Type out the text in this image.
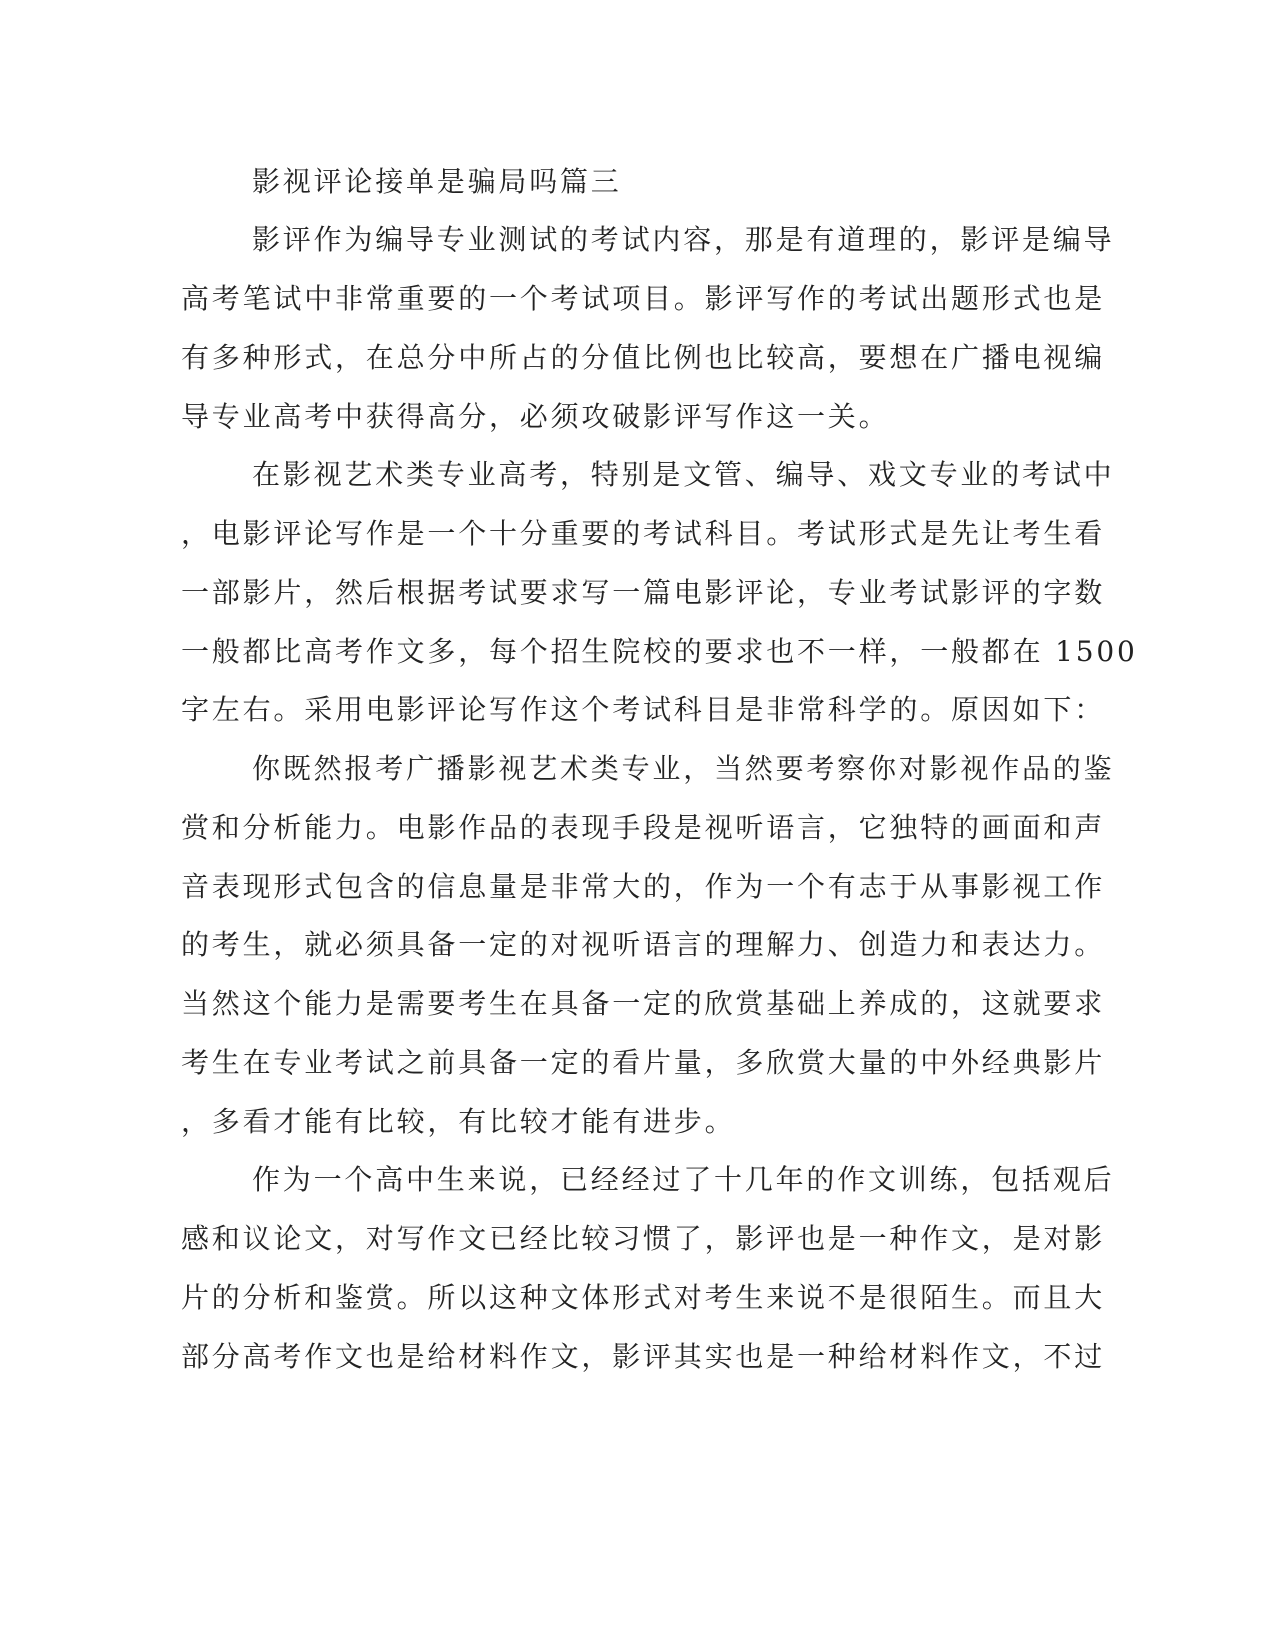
影视评论接单是骗局吗篇三
影评作为编导专业测试的考试内容，那是有道理的，影评是编导
高考笔试中非常重要的一个考试项目。影评写作的考试出题形式也是
有多种形式，在总分中所占的分值比例也比较高，要想在广播电视编
导专业高考中获得高分，必须攻破影评写作这一关。
在影视艺术类专业高考，特别是文管、编导、戏文专业的考试中
，电影评论写作是一个十分重要的考试科目。考试形式是先让考生看
一部影片，然后根据考试要求写一篇电影评论，专业考试影评的字数
一般都比高考作文多，每个招生院校的要求也不一样，一般都在 1500
字左右。采用电影评论写作这个考试科目是非常科学的。原因如下：
你既然报考广播影视艺术类专业，当然要考察你对影视作品的鉴
赏和分析能力。电影作品的表现手段是视听语言，它独特的画面和声
音表现形式包含的信息量是非常大的，作为一个有志于从事影视工作
的考生，就必须具备一定的对视听语言的理解力、创造力和表达力。
当然这个能力是需要考生在具备一定的欣赏基础上养成的，这就要求
考生在专业考试之前具备一定的看片量，多欣赏大量的中外经典影片
，多看才能有比较，有比较才能有进步。
作为一个高中生来说，已经经过了十几年的作文训练，包括观后
感和议论文，对写作文已经比较习惯了，影评也是一种作文，是对影
片的分析和鉴赏。所以这种文体形式对考生来说不是很陌生。而且大
部分高考作文也是给材料作文，影评其实也是一种给材料作文，不过
